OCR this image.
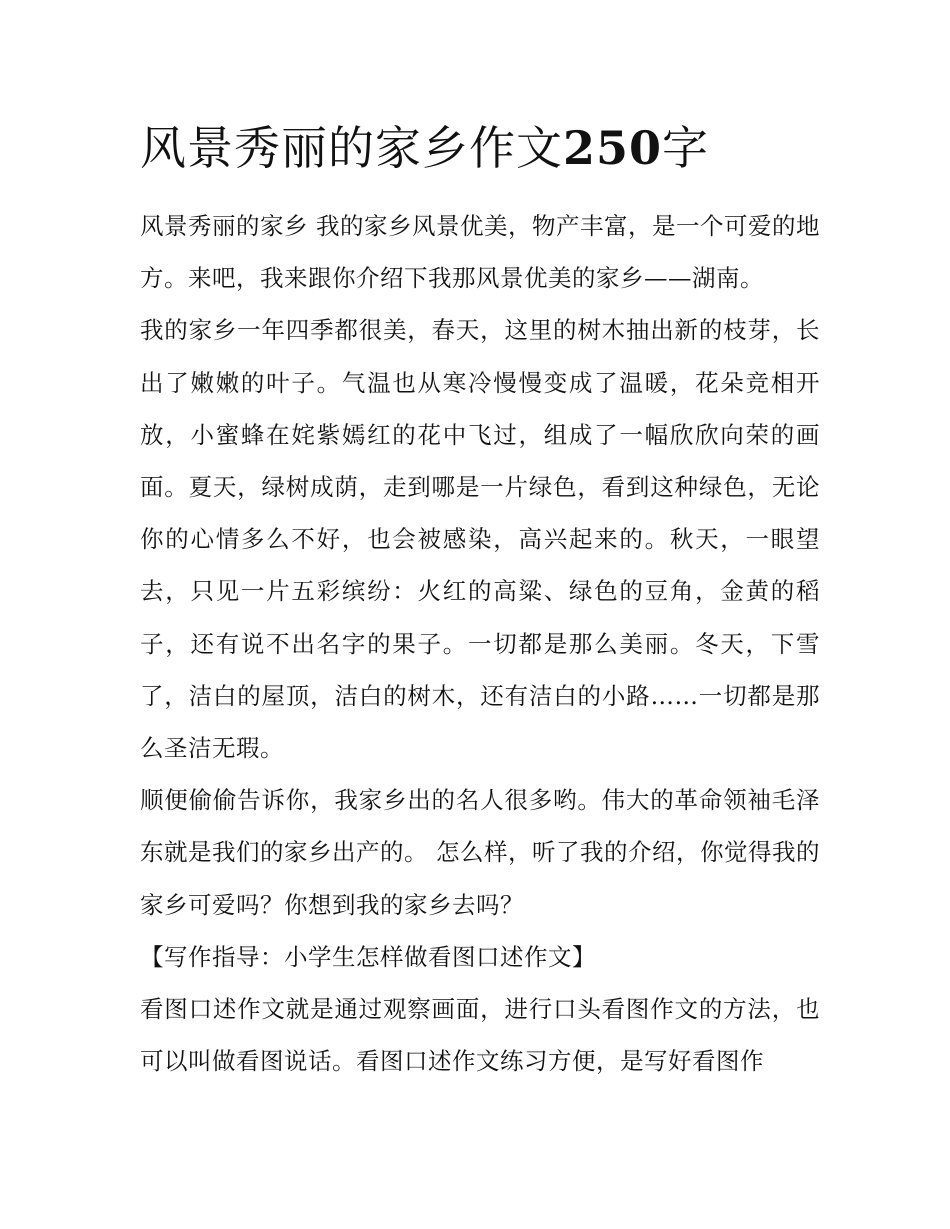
风景秀丽的家乡作文250字

风景秀丽的家乡 我的家乡风景优美，物产丰富，是一个可爱的地方。来吧，我来跟你介绍下我那风景优美的家乡——湖南。

我的家乡一年四季都很美，春天，这里的树木抽出新的枝芽，长出了嫩嫩的叶子。气温也从寒冷慢慢变成了温暖，花朵竞相开放，小蜜蜂在姹紫嫣红的花中飞过，组成了一幅欣欣向荣的画面。夏天，绿树成荫，走到哪是一片绿色，看到这种绿色，无论你的心情多么不好，也会被感染，高兴起来的。秋天，一眼望去，只见一片五彩缤纷：火红的高粱、绿色的豆角，金黄的稻子，还有说不出名字的果子。一切都是那么美丽。冬天，下雪了，洁白的屋顶，洁白的树木，还有洁白的小路……一切都是那么圣洁无瑕。

顺便偷偷告诉你，我家乡出的名人很多哟。伟大的革命领袖毛泽东就是我们的家乡出产的。 怎么样，听了我的介绍，你觉得我的家乡可爱吗？你想到我的家乡去吗？

【写作指导：小学生怎样做看图口述作文】

看图口述作文就是通过观察画面，进行口头看图作文的方法，也可以叫做看图说话。看图口述作文练习方便，是写好看图作
